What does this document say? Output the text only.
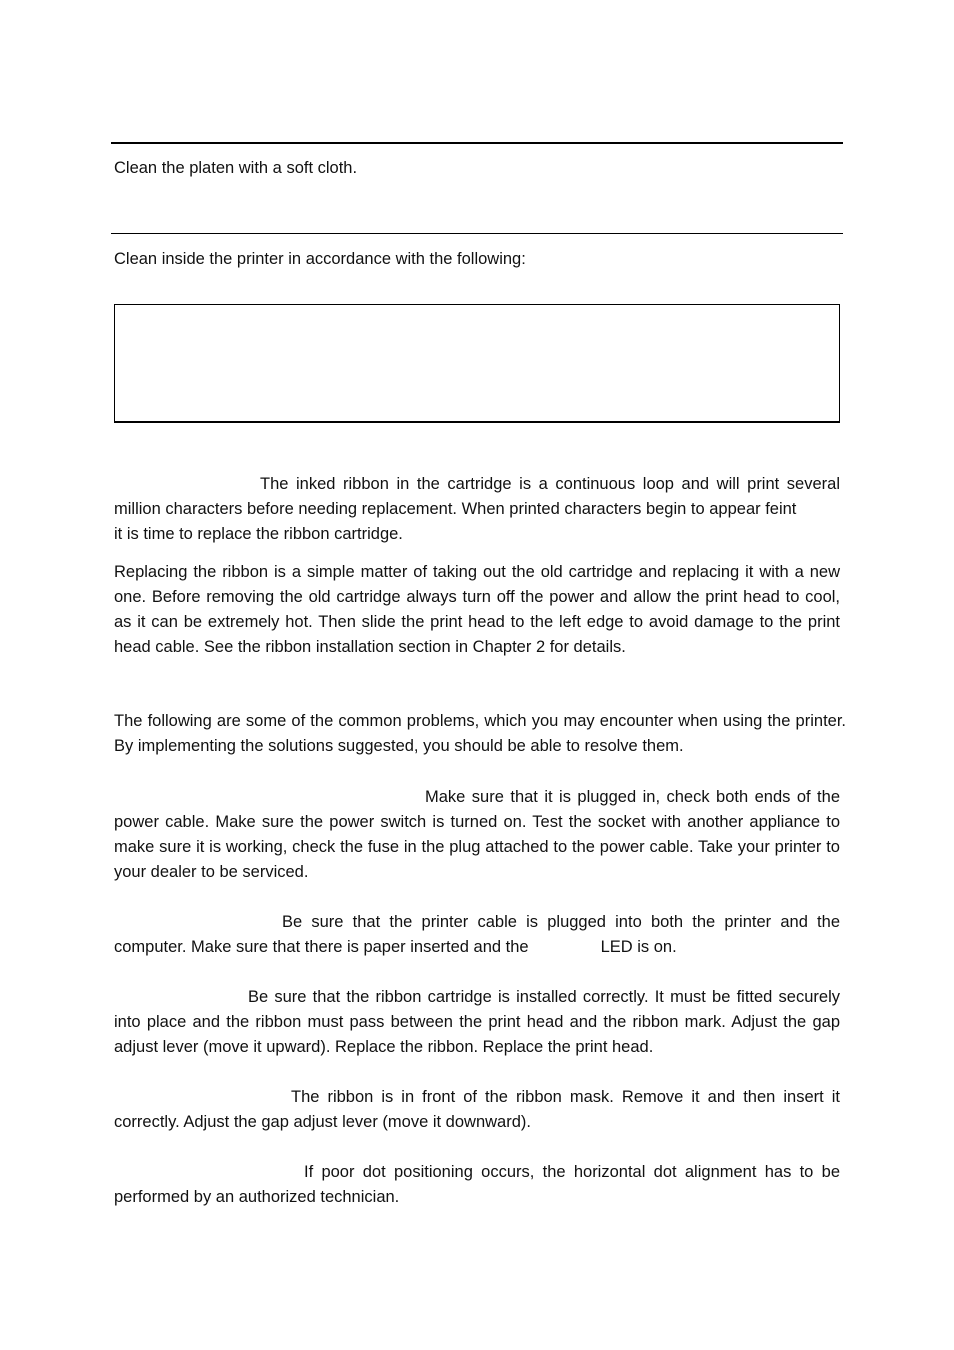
Clean the platen with a soft cloth.
Clean inside the printer in accordance with the following:
The inked ribbon in the cartridge is a continuous loop and will print several
million characters before needing replacement. When printed characters begin to appear feint
it is time to replace the ribbon cartridge.
Replacing the ribbon is a simple matter of taking out the old cartridge and replacing it with a new one. Before removing the old cartridge always turn off the power and allow the print head to cool, as it can be extremely hot. Then slide the print head to the left edge to avoid damage to the print head cable. See the ribbon installation section in Chapter 2 for details.
The following are some of the common problems, which you may encounter when using the printer. By implementing the solutions suggested, you should be able to resolve them.
Make sure that it is plugged in, check both ends of the power cable. Make sure the power switch is turned on. Test the socket with another appliance to make sure it is working, check the fuse in the plug attached to the power cable. Take your printer to your dealer to be serviced.
Be sure that the printer cable is plugged into both the printer and the computer. Make sure that there is paper inserted and the	LED is on.
Be sure that the ribbon cartridge is installed correctly. It must be fitted securely into place and the ribbon must pass between the print head and the ribbon mark. Adjust the gap adjust lever (move it upward). Replace the ribbon. Replace the print head.
The ribbon is in front of the ribbon mask. Remove it and then insert it correctly. Adjust the gap adjust lever (move it downward).
If poor dot positioning occurs, the horizontal dot alignment has to be performed by an authorized technician.
